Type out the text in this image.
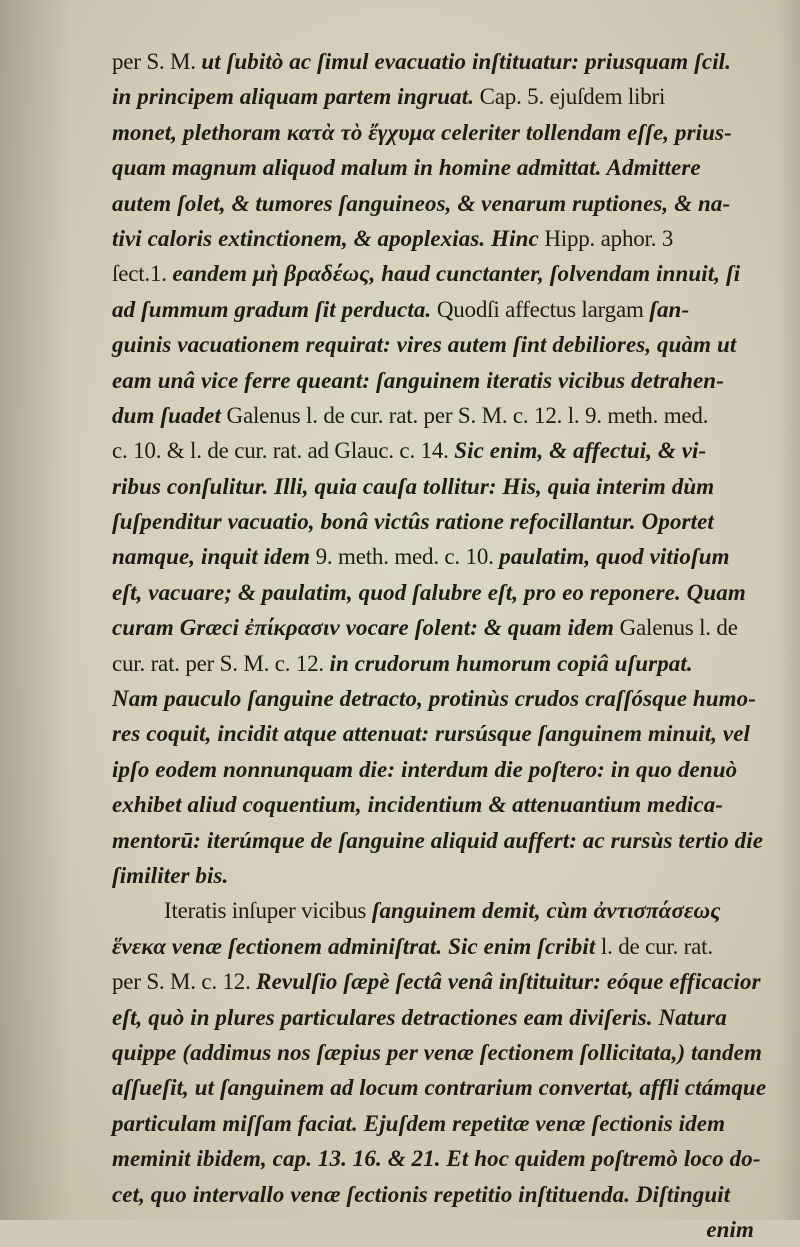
per S. M. ut ſubitò ac ſimul evacuatio inſtituatur: priusquam ſcil.
in principem aliquam partem ingruat. Cap. 5. ejuſdem libri
monet, plethoram κατὰ τὸ ἔγχυμα celeriter tollendam eſſe, prius-
quam magnum aliquod malum in homine admittat. Admittere
autem ſolet, & tumores ſanguineos, & venarum ruptiones, & na-
tivi caloris extinctionem, & apoplexias. Hinc Hipp. aphor. 3
ſect.1. eandem μὴ βραδέως, haud cunctanter, ſolvendam innuit, ſi
ad ſummum gradum ſit perducta. Quodſi affectus largam ſan-
guinis vacuationem requirat: vires autem ſint debiliores, quàm ut
eam unâ vice ferre queant: ſanguinem iteratis vicibus detrahen-
dum ſuadet Galenus l. de cur. rat. per S. M. c. 12. l. 9. meth. med.
c. 10. & l. de cur. rat. ad Glauc. c. 14. Sic enim, & affectui, & vi-
ribus conſulitur. Illi, quia cauſa tollitur: His, quia interim dùm
ſuſpenditur vacuatio, bonâ victûs ratione refocillantur. Oportet
namque, inquit idem 9. meth. med. c. 10. paulatim, quod vitioſum
eſt, vacuare; & paulatim, quod ſalubre eſt, pro eo reponere. Quam
curam Græci ἐπίκρασιν vocare ſolent: & quam idem Galenus l. de
cur. rat. per S. M. c. 12. in crudorum humorum copiâ uſurpat.
Nam pauculo ſanguine detracto, protinùs crudos craſſósque humo-
res coquit, incidit atque attenuat: rursúsque ſanguinem minuit, vel
ipſo eodem nonnunquam die: interdum die poſtero: in quo denuò
exhibet aliud coquentium, incidentium & attenuantium medica-
mentorū: iterúmque de ſanguine aliquid auffert: ac rursùs tertio die
ſimiliter bis.
Iteratis inſuper vicibus ſanguinem demit, cùm ἀντισπάσεως
ἕνεκα venæ ſectionem adminiſtrat. Sic enim ſcribit l. de cur. rat.
per S. M. c. 12. Revulſio ſæpè ſectâ venâ inſtituitur: eóque efficacior
eſt, quò in plures particulares detractiones eam diviſeris. Natura
quippe (addimus nos ſæpius per venæ ſectionem ſollicitata,) tandem
aſſueſit, ut ſanguinem ad locum contrarium convertat, affli ctámque
particulam miſſam faciat. Ejuſdem repetitæ venæ ſectionis idem
meminit ibidem, cap. 13. 16. & 21. Et hoc quidem poſtremò loco do-
cet, quo intervallo venæ ſectionis repetitio inſtituenda. Diſtinguit
enim
